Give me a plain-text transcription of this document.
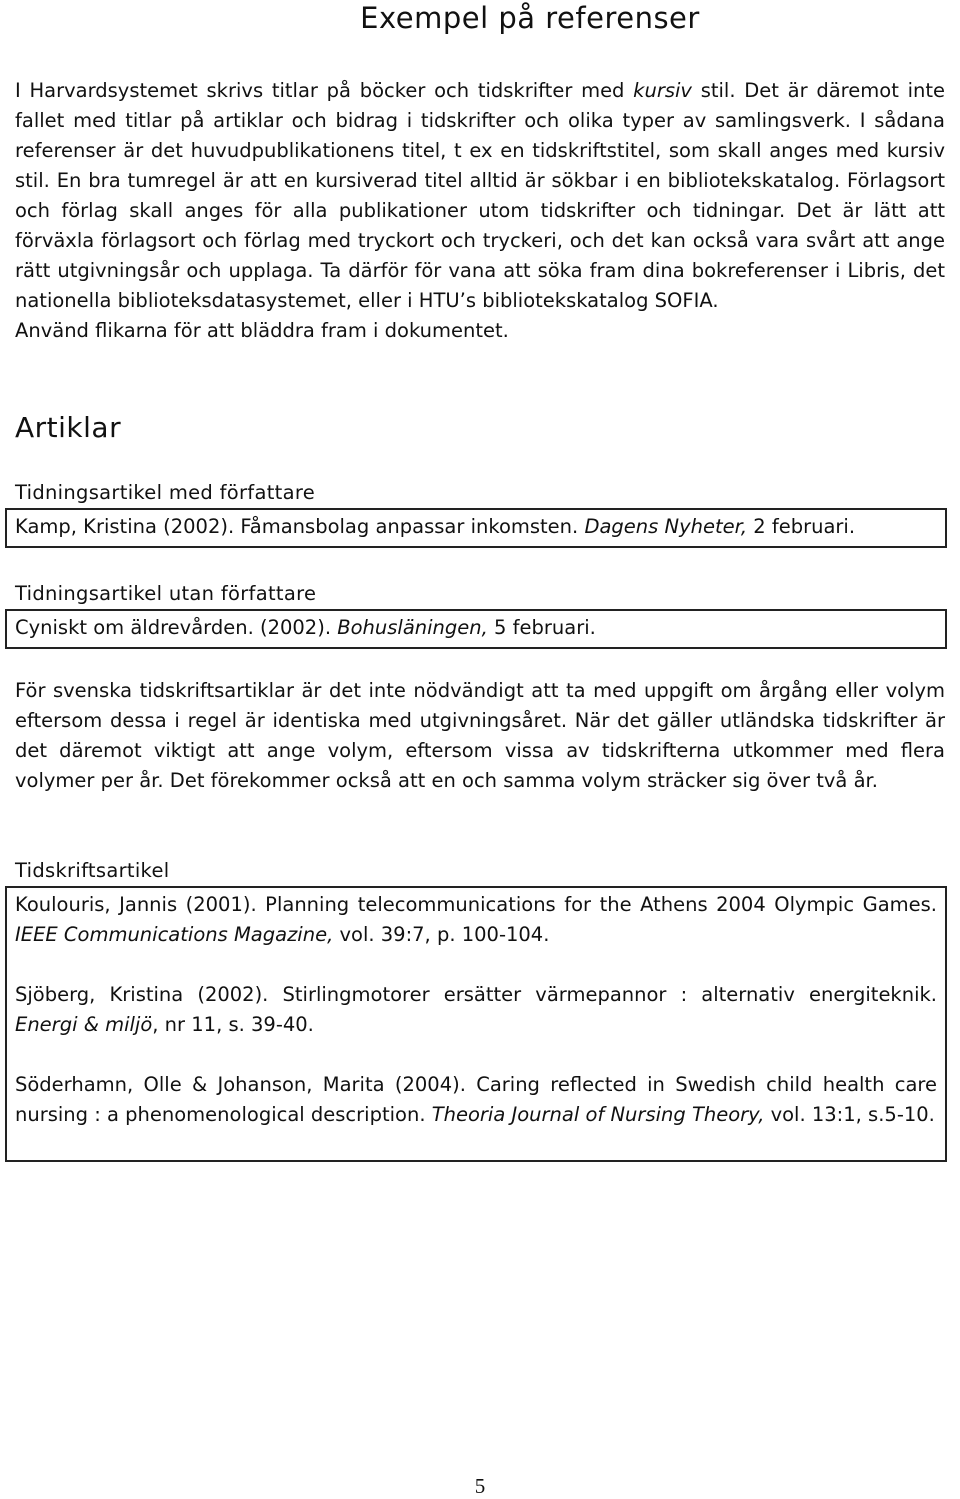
Exempel på referenser

I Harvardsystemet skrivs titlar på böcker och tidskrifter med kursiv stil. Det är däremot inte fallet med titlar på artiklar och bidrag i tidskrifter och olika typer av samlingsverk. I sådana referenser är det huvudpublikationens titel, t ex en tidskriftstitel, som skall anges med kursiv stil. En bra tumregel är att en kursiverad titel alltid är sökbar i en bibliotekskatalog. Förlagsort och förlag skall anges för alla publikationer utom tidskrifter och tidningar. Det är lätt att förväxla förlagsort och förlag med tryckort och tryckeri, och det kan också vara svårt att ange rätt utgivningsår och upplaga. Ta därför för vana att söka fram dina bokreferenser i Libris, det nationella biblioteksdatasystemet, eller i HTU’s bibliotekskatalog SOFIA.

Använd flikarna för att bläddra fram i dokumentet.

Artiklar
Tidningsartikel med författare

Kamp, Kristina (2002). Fåmansbolag anpassar inkomsten. Dagens Nyheter, 2 februari.

Tidningsartikel utan författare

Cyniskt om äldrevården. (2002). Bohusläningen, 5 februari.

För svenska tidskriftsartiklar är det inte nödvändigt att ta med uppgift om årgång eller volym eftersom dessa i regel är identiska med utgivningsåret. När det gäller utländska tidskrifter är det däremot viktigt att ange volym, eftersom vissa av tidskrifterna utkommer med flera volymer per år. Det förekommer också att en och samma volym sträcker sig över två år.

Tidskriftsartikel

Koulouris, Jannis (2001). Planning telecommunications for the Athens 2004 Olympic Games. IEEE Communications Magazine, vol. 39:7, p. 100-104.

Sjöberg, Kristina (2002). Stirlingmotorer ersätter värmepannor : alternativ energiteknik. Energi & miljö, nr 11, s. 39-40.

Söderhamn, Olle & Johanson, Marita (2004). Caring reflected in Swedish child health care nursing : a phenomenological description. Theoria Journal of Nursing Theory, vol. 13:1, s.5-10.

5
